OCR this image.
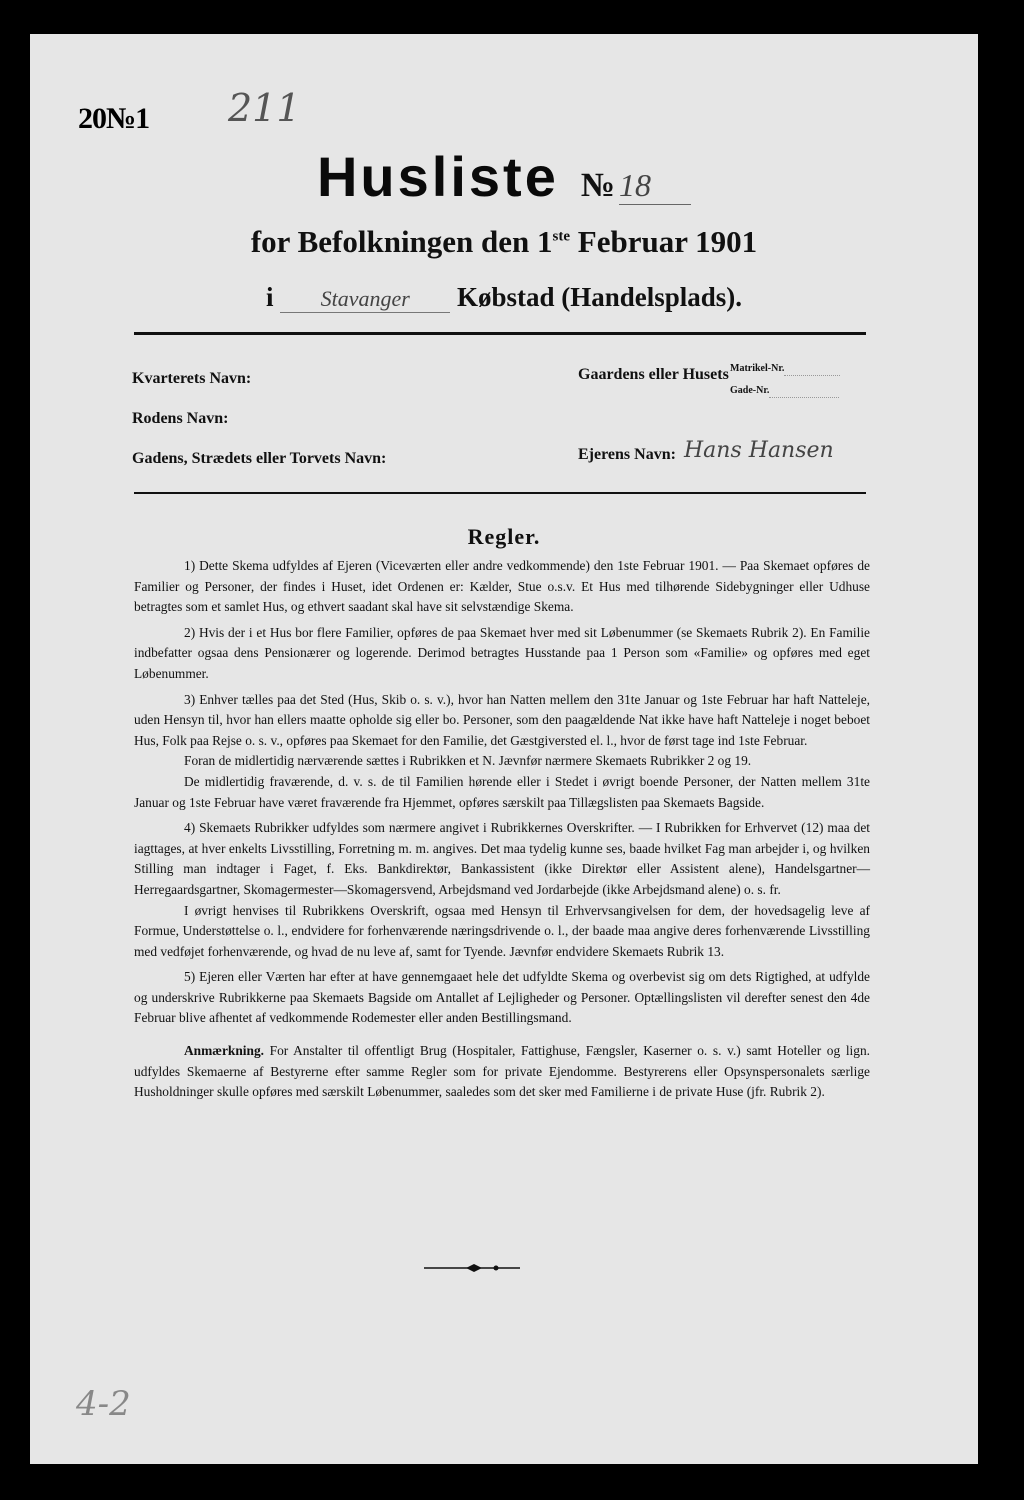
20№1 211
Husliste № 18
for Befolkningen den 1ste Februar 1901
i Stavanger Købstad (Handelsplads).
Kvarterets Navn:	Gaardens eller Husets Matrikel-Nr.
Gade-Nr.
Rodens Navn:
Gadens, Strædets eller Torvets Navn:	Ejerens Navn: Hans Hansen
Regler.

1) Dette Skema udfyldes af Ejeren (Viceværten eller andre vedkommende) den 1ste Februar 1901. — Paa Skemaet opføres de Familier og Personer, der findes i Huset, idet Ordenen er: Kælder, Stue o.s.v. Et Hus med tilhørende Sidebygninger eller Udhuse betragtes som et samlet Hus, og ethvert saadant skal have sit selvstændige Skema.

2) Hvis der i et Hus bor flere Familier, opføres de paa Skemaet hver med sit Løbenummer (se Skemaets Rubrik 2). En Familie indbefatter ogsaa dens Pensionærer og logerende. Derimod betragtes Husstande paa 1 Person som «Familie» og opføres med eget Løbenummer.

3) Enhver tælles paa det Sted (Hus, Skib o. s. v.), hvor han Natten mellem den 31te Januar og 1ste Februar har haft Natteleje, uden Hensyn til, hvor han ellers maatte opholde sig eller bo. Personer, som den paagældende Nat ikke have haft Natteleje i noget beboet Hus, Folk paa Rejse o. s. v., opføres paa Skemaet for den Familie, det Gæstgiversted el. l., hvor de først tage ind 1ste Februar.

Foran de midlertidig nærværende sættes i Rubrikken et N. Jævnfør nærmere Skemaets Rubrikker 2 og 19.

De midlertidig fraværende, d. v. s. de til Familien hørende eller i Stedet i øvrigt boende Personer, der Natten mellem 31te Januar og 1ste Februar have været fraværende fra Hjemmet, opføres særskilt paa Tillægslisten paa Skemaets Bagside.

4) Skemaets Rubrikker udfyldes som nærmere angivet i Rubrikkernes Overskrifter. — I Rubrikken for Erhvervet (12) maa det iagttages, at hver enkelts Livsstilling, Forretning m. m. angives. Det maa tydelig kunne ses, baade hvilket Fag man arbejder i, og hvilken Stilling man indtager i Faget, f. Eks. Bankdirektør, Bankassistent (ikke Direktør eller Assistent alene), Handelsgartner—Herregaardsgartner, Skomagermester—Skomagersvend, Arbejdsmand ved Jordarbejde (ikke Arbejdsmand alene) o. s. fr.

I øvrigt henvises til Rubrikkens Overskrift, ogsaa med Hensyn til Erhvervsangivelsen for dem, der hovedsagelig leve af Formue, Understøttelse o. l., endvidere for forhenværende næringsdrivende o. l., der baade maa angive deres forhenværende Livsstilling med vedføjet forhenværende, og hvad de nu leve af, samt for Tyende. Jævnfør endvidere Skemaets Rubrik 13.

5) Ejeren eller Værten har efter at have gennemgaaet hele det udfyldte Skema og overbevist sig om dets Rigtighed, at udfylde og underskrive Rubrikkerne paa Skemaets Bagside om Antallet af Lejligheder og Personer. Optællingslisten vil derefter senest den 4de Februar blive afhentet af vedkommende Rodemester eller anden Bestillingsmand.

Anmærkning. For Anstalter til offentligt Brug (Hospitaler, Fattighuse, Fængsler, Kaserner o. s. v.) samt Hoteller og lign. udfyldes Skemaerne af Bestyrerne efter samme Regler som for private Ejendomme. Bestyrerens eller Opsynspersonalets særlige Husholdninger skulle opføres med særskilt Løbenummer, saaledes som det sker med Familierne i de private Huse (jfr. Rubrik 2).

4-2
